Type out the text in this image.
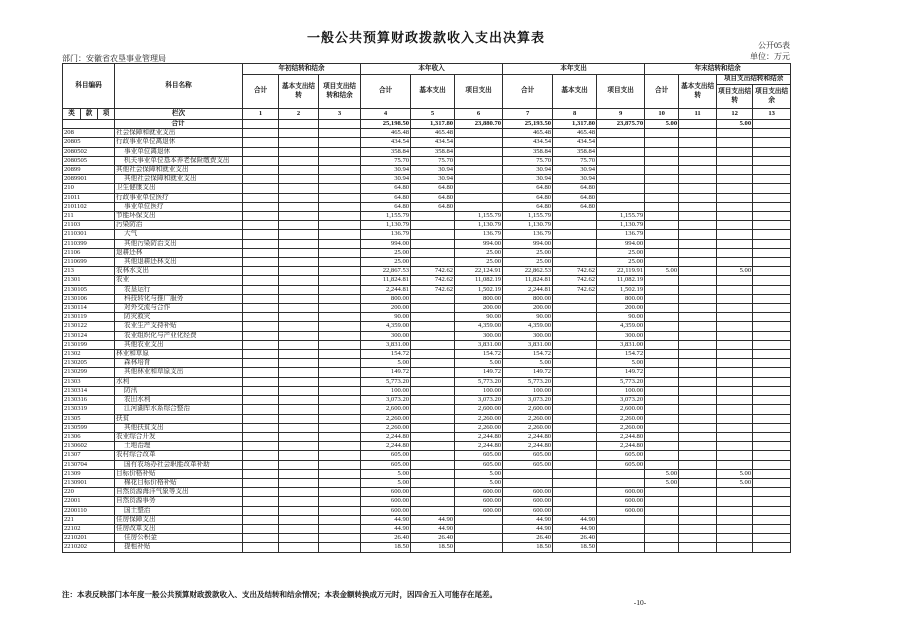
一般公共预算财政拨款收入支出决算表
公开05表
部门：安徽省农垦事业管理局	单位：万元
科目编码			科目名称	年初结转和结余			本年收入			本年支出			年末结转和结余			
				合计	基本支出结转	项目支出结转和结余	合计	基本支出	项目支出	合计	基本支出	项目支出	合计	基本支出结转	项目支出结转和结余	
															项目支出结转	项目支出结余
类	款	项	栏次	1	2	3	4	5	6	7	8	9	10	11	12	13
			合计				25,198.50	1,317.80	23,880.70	25,193.50	1,317.80	23,875.70	5.00		5.00	
208			社会保障和就业支出				465.48	465.48		465.48	465.48					
20805			行政事业单位离退休				434.54	434.54		434.54	434.54					
2080502			事业单位离退休				358.84	358.84		358.84	358.84					
2080505			机关事业单位基本养老保险缴费支出				75.70	75.70		75.70	75.70					
20899			其他社会保障和就业支出				30.94	30.94		30.94	30.94					
2089901			其他社会保障和就业支出				30.94	30.94		30.94	30.94					
210			卫生健康支出				64.80	64.80		64.80	64.80					
21011			行政事业单位医疗				64.80	64.80		64.80	64.80					
2101102			事业单位医疗				64.80	64.80		64.80	64.80					
211			节能环保支出				1,155.79		1,155.79	1,155.79		1,155.79				
21103			污染防治				1,130.79		1,130.79	1,130.79		1,130.79				
2110301			大气				136.79		136.79	136.79		136.79				
2110399			其他污染防治支出				994.00		994.00	994.00		994.00				
21106			退耕还林				25.00		25.00	25.00		25.00				
2110699			其他退耕还林支出				25.00		25.00	25.00		25.00				
213			农林水支出				22,867.53	742.62	22,124.91	22,862.53	742.62	22,119.91	5.00		5.00	
21301			农业				11,824.81	742.62	11,082.19	11,824.81	742.62	11,082.19				
2130105			农垦运行				2,244.81	742.62	1,502.19	2,244.81	742.62	1,502.19				
2130106			科技转化与推广服务				800.00		800.00	800.00		800.00				
2130114			对外交流与合作				200.00		200.00	200.00		200.00				
2130119			防灾救灾				90.00		90.00	90.00		90.00				
2130122			农业生产支持补贴				4,359.00		4,359.00	4,359.00		4,359.00				
2130124			农业组织化与产业化经费				300.00		300.00	300.00		300.00				
2130199			其他农业支出				3,831.00		3,831.00	3,831.00		3,831.00				
21302			林业和草原				154.72		154.72	154.72		154.72				
2130205			森林培育				5.00		5.00	5.00		5.00				
2130299			其他林业和草原支出				149.72		149.72	149.72		149.72				
21303			水利				5,773.20		5,773.20	5,773.20		5,773.20				
2130314			防汛				100.00		100.00	100.00		100.00				
2130316			农田水利				3,073.20		3,073.20	3,073.20		3,073.20				
2130319			江河湖库水系综合整治				2,600.00		2,600.00	2,600.00		2,600.00				
21305			扶贫				2,260.00		2,260.00	2,260.00		2,260.00				
2130599			其他扶贫支出				2,260.00		2,260.00	2,260.00		2,260.00				
21306			农业综合开发				2,244.80		2,244.80	2,244.80		2,244.80				
2130602			土地治理				2,244.80		2,244.80	2,244.80		2,244.80				
21307			农村综合改革				605.00		605.00	605.00		605.00				
2130704			国有农场办社会职能改革补助				605.00		605.00	605.00		605.00				
21309			目标价格补贴				5.00		5.00				5.00		5.00	
2130901			棉花目标价格补贴				5.00		5.00				5.00		5.00	
220			自然资源海洋气象等支出				600.00		600.00	600.00		600.00				
22001			自然资源事务				600.00		600.00	600.00		600.00				
2200110			国土整治				600.00		600.00	600.00		600.00				
221			住房保障支出				44.90	44.90		44.90	44.90					
22102			住房改革支出				44.90	44.90		44.90	44.90					
2210201			住房公积金				26.40	26.40		26.40	26.40					
2210202			提租补贴				18.50	18.50		18.50	18.50					
注：本表反映部门本年度一般公共预算财政拨款收入、支出及结转和结余情况；本表金额转换成万元时，因四舍五入可能存在尾差。
-10-
